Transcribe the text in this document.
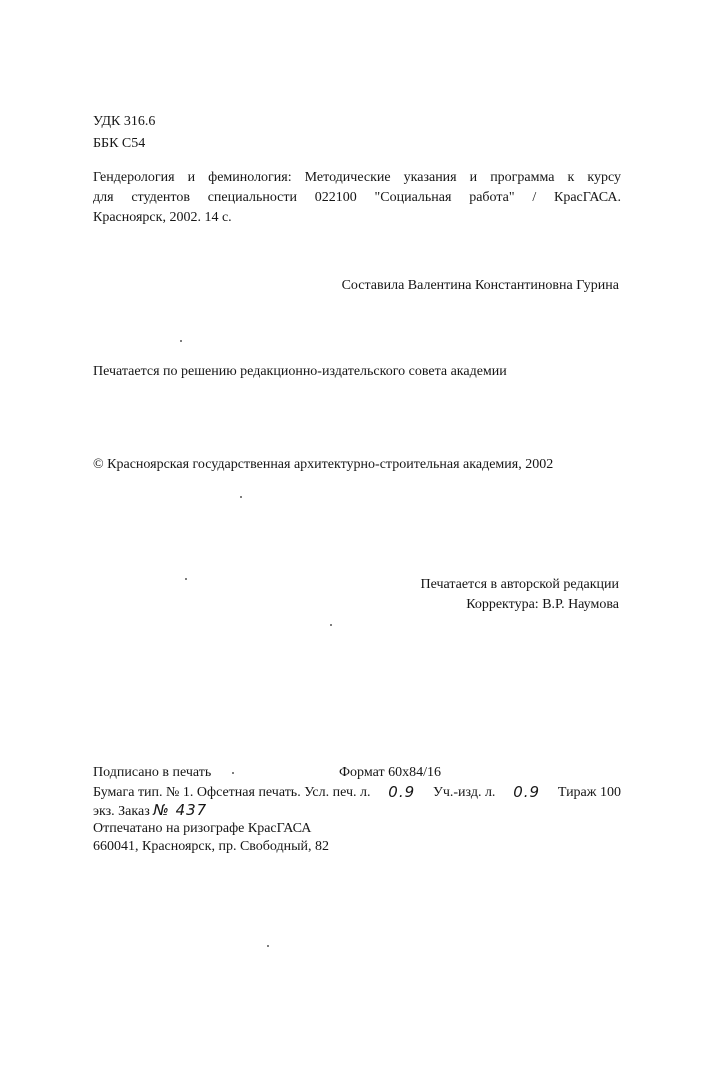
УДК 316.6
ББК С54
Гендерология и феминология: Методические указания и программа к курсу
для студентов специальности 022100 "Социальная работа" / КрасГАСА.
Красноярск, 2002. 14 с.
Составила Валентина Константиновна Гурина
Печатается по решению редакционно-издательского совета академии
© Красноярская государственная архитектурно-строительная академия, 2002
Печатается в авторской редакции
Корректура: В.Р. Наумова
Подписано в печать	Формат 60х84/16
Бумага тип. № 1. Офсетная печать. Усл. печ. л. 0.9 Уч.-изд. л. 0.9 Тираж 100
экз. Заказ № 437
Отпечатано на ризографе КрасГАСА
660041, Красноярск, пр. Свободный, 82
